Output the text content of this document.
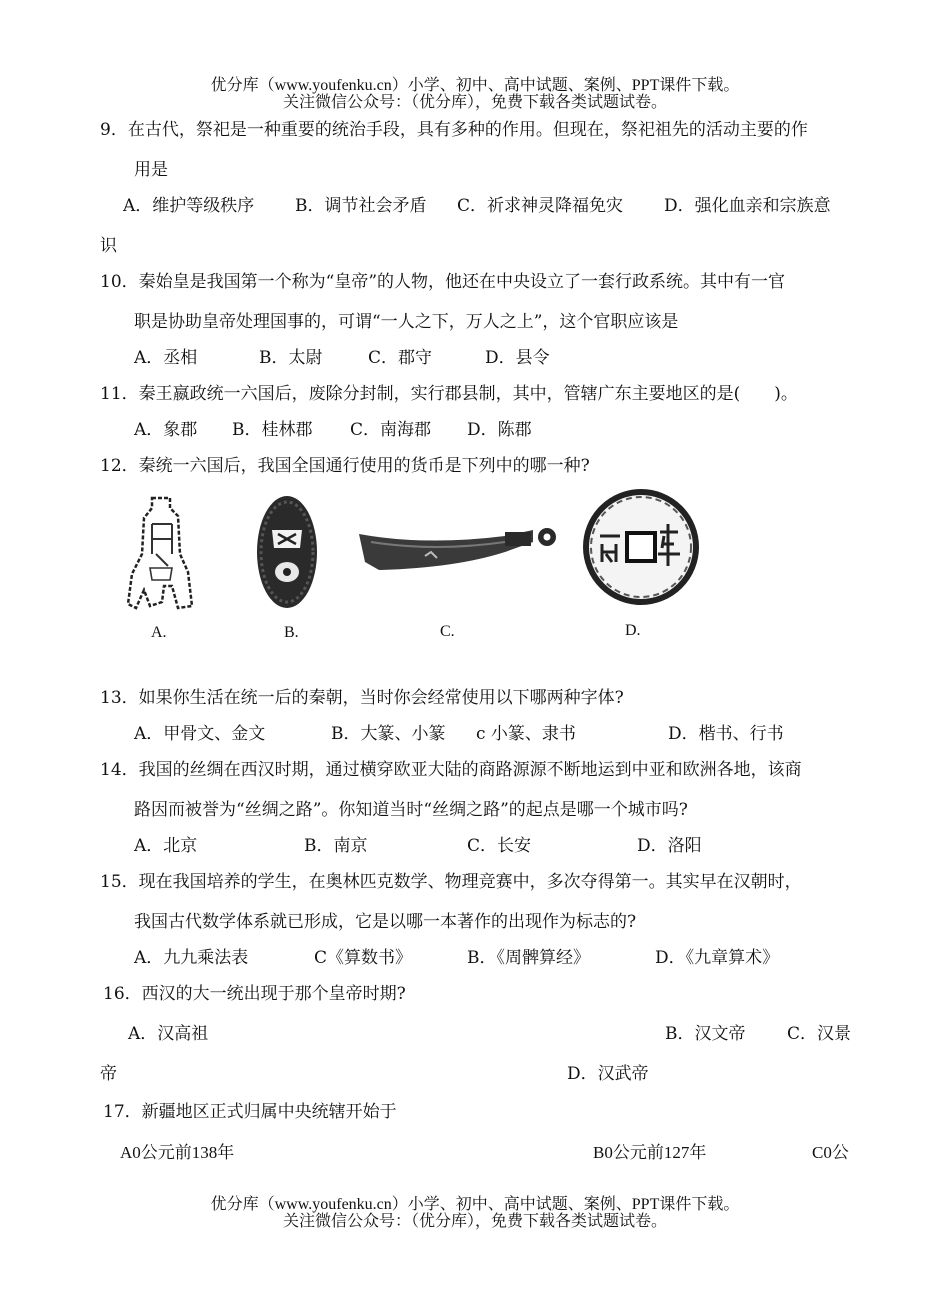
优分库（www.youfenku.cn）小学、初中、高中试题、案例、PPT课件下载。
关注微信公众号：（优分库），免费下载各类试题试卷。
9．在古代，祭祀是一种重要的统治手段，具有多种的作用。但现在，祭祀祖先的活动主要的作
用是
A．维护等级秩序 B．调节社会矛盾 C．祈求神灵降福免灾 D．强化血亲和宗族意
识
10．秦始皇是我国第一个称为“皇帝”的人物，他还在中央设立了一套行政系统。其中有一官
职是协助皇帝处理国事的，可谓“一人之下，万人之上”，这个官职应该是
A．丞相	B．太尉	C．郡守	D．县令
11．秦王嬴政统一六国后，废除分封制，实行郡县制，其中，管辖广东主要地区的是(　　)。
A．象郡 B．桂林郡 C．南海郡 D．陈郡
12．秦统一六国后，我国全国通行使用的货币是下列中的哪一种?
A.	B.	C.	D.
13．如果你生活在统一后的秦朝，当时你会经常使用以下哪两种字体?
A．甲骨文、金文	B．大篆、小篆 c 小篆、隶书	D．楷书、行书
14．我国的丝绸在西汉时期，通过横穿欧亚大陆的商路源源不断地运到中亚和欧洲各地，该商
路因而被誉为“丝绸之路”。你知道当时“丝绸之路”的起点是哪一个城市吗?
A．北京	B．南京	C．长安	D．洛阳
15．现在我国培养的学生，在奥林匹克数学、物理竞赛中，多次夺得第一。其实早在汉朝时，
我国古代数学体系就已形成，它是以哪一本著作的出现作为标志的?
A．九九乘法表	C《算数书》	B．《周髀算经》	D．《九章算术》
16．西汉的大一统出现于那个皇帝时期?
A．汉高祖	B．汉文帝 C．汉景
帝	D．汉武帝
17．新疆地区正式归属中央统辖开始于
A0公元前138年	B0公元前127年	C0公
优分库（www.youfenku.cn）小学、初中、高中试题、案例、PPT课件下载。
关注微信公众号：（优分库），免费下载各类试题试卷。
